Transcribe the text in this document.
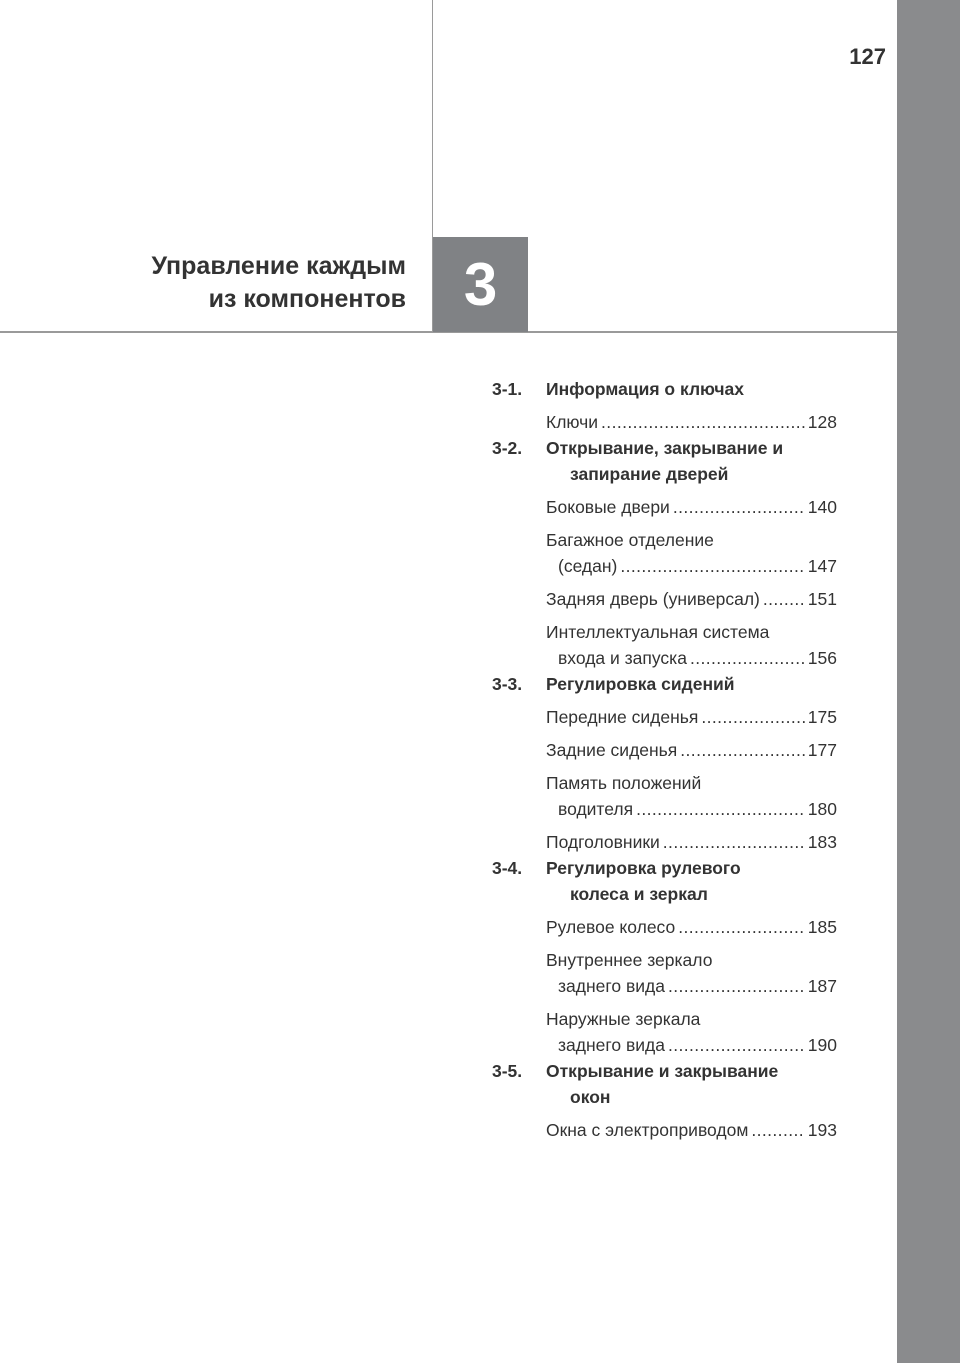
127
Управление каждым
из компонентов 3
3-1.	Информация о ключах
Ключи .....	128
3-2.	Открывание, закрывание и
запирание дверей
Боковые двери .....	140
Багажное отделение
(седан) .....	147
Задняя дверь (универсал) .....	151
Интеллектуальная система
входа и запуска .....	156
3-3.	Регулировка сидений
Передние сиденья .....	175
Задние сиденья .....	177
Память положений
водителя .....	180
Подголовники .....	183
3-4.	Регулировка рулевого
колеса и зеркал
Рулевое колесо .....	185
Внутреннее зеркало
заднего вида .....	187
Наружные зеркала
заднего вида .....	190
3-5.	Открывание и закрывание
окон
Окна с электроприводом .....	193
